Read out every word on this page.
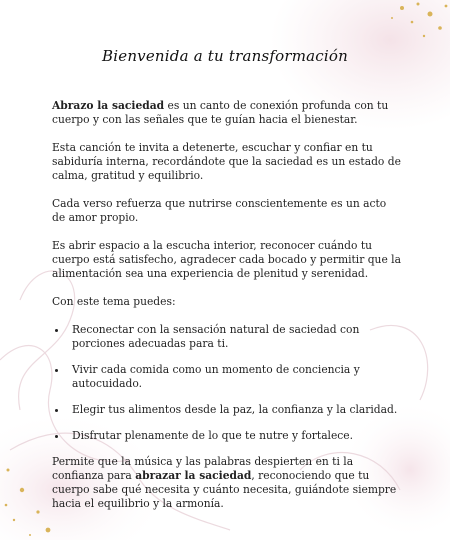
Bienvenida a tu transformación

Abrazo la saciedad es un canto de conexión profunda con tu cuerpo y con las señales que te guían hacia el bienestar.

Esta canción te invita a detenerte, escuchar y confiar en tu sabiduría interna, recordándote que la saciedad es un estado de calma, gratitud y equilibrio.

Cada verso refuerza que nutrirse conscientemente es un acto de amor propio.

Es abrir espacio a la escucha interior, reconocer cuándo tu cuerpo está satisfecho, agradecer cada bocado y permitir que la alimentación sea una experiencia de plenitud y serenidad.

Con este tema puedes:

• Reconectar con la sensación natural de saciedad con porciones adecuadas para ti.
• Vivir cada comida como un momento de conciencia y autocuidado.
• Elegir tus alimentos desde la paz, la confianza y la claridad.
• Disfrutar plenamente de lo que te nutre y fortalece.

Permite que la música y las palabras despierten en ti la confianza para abrazar la saciedad, reconociendo que tu cuerpo sabe qué necesita y cuánto necesita, guiándote siempre hacia el equilibrio y la armonía.
